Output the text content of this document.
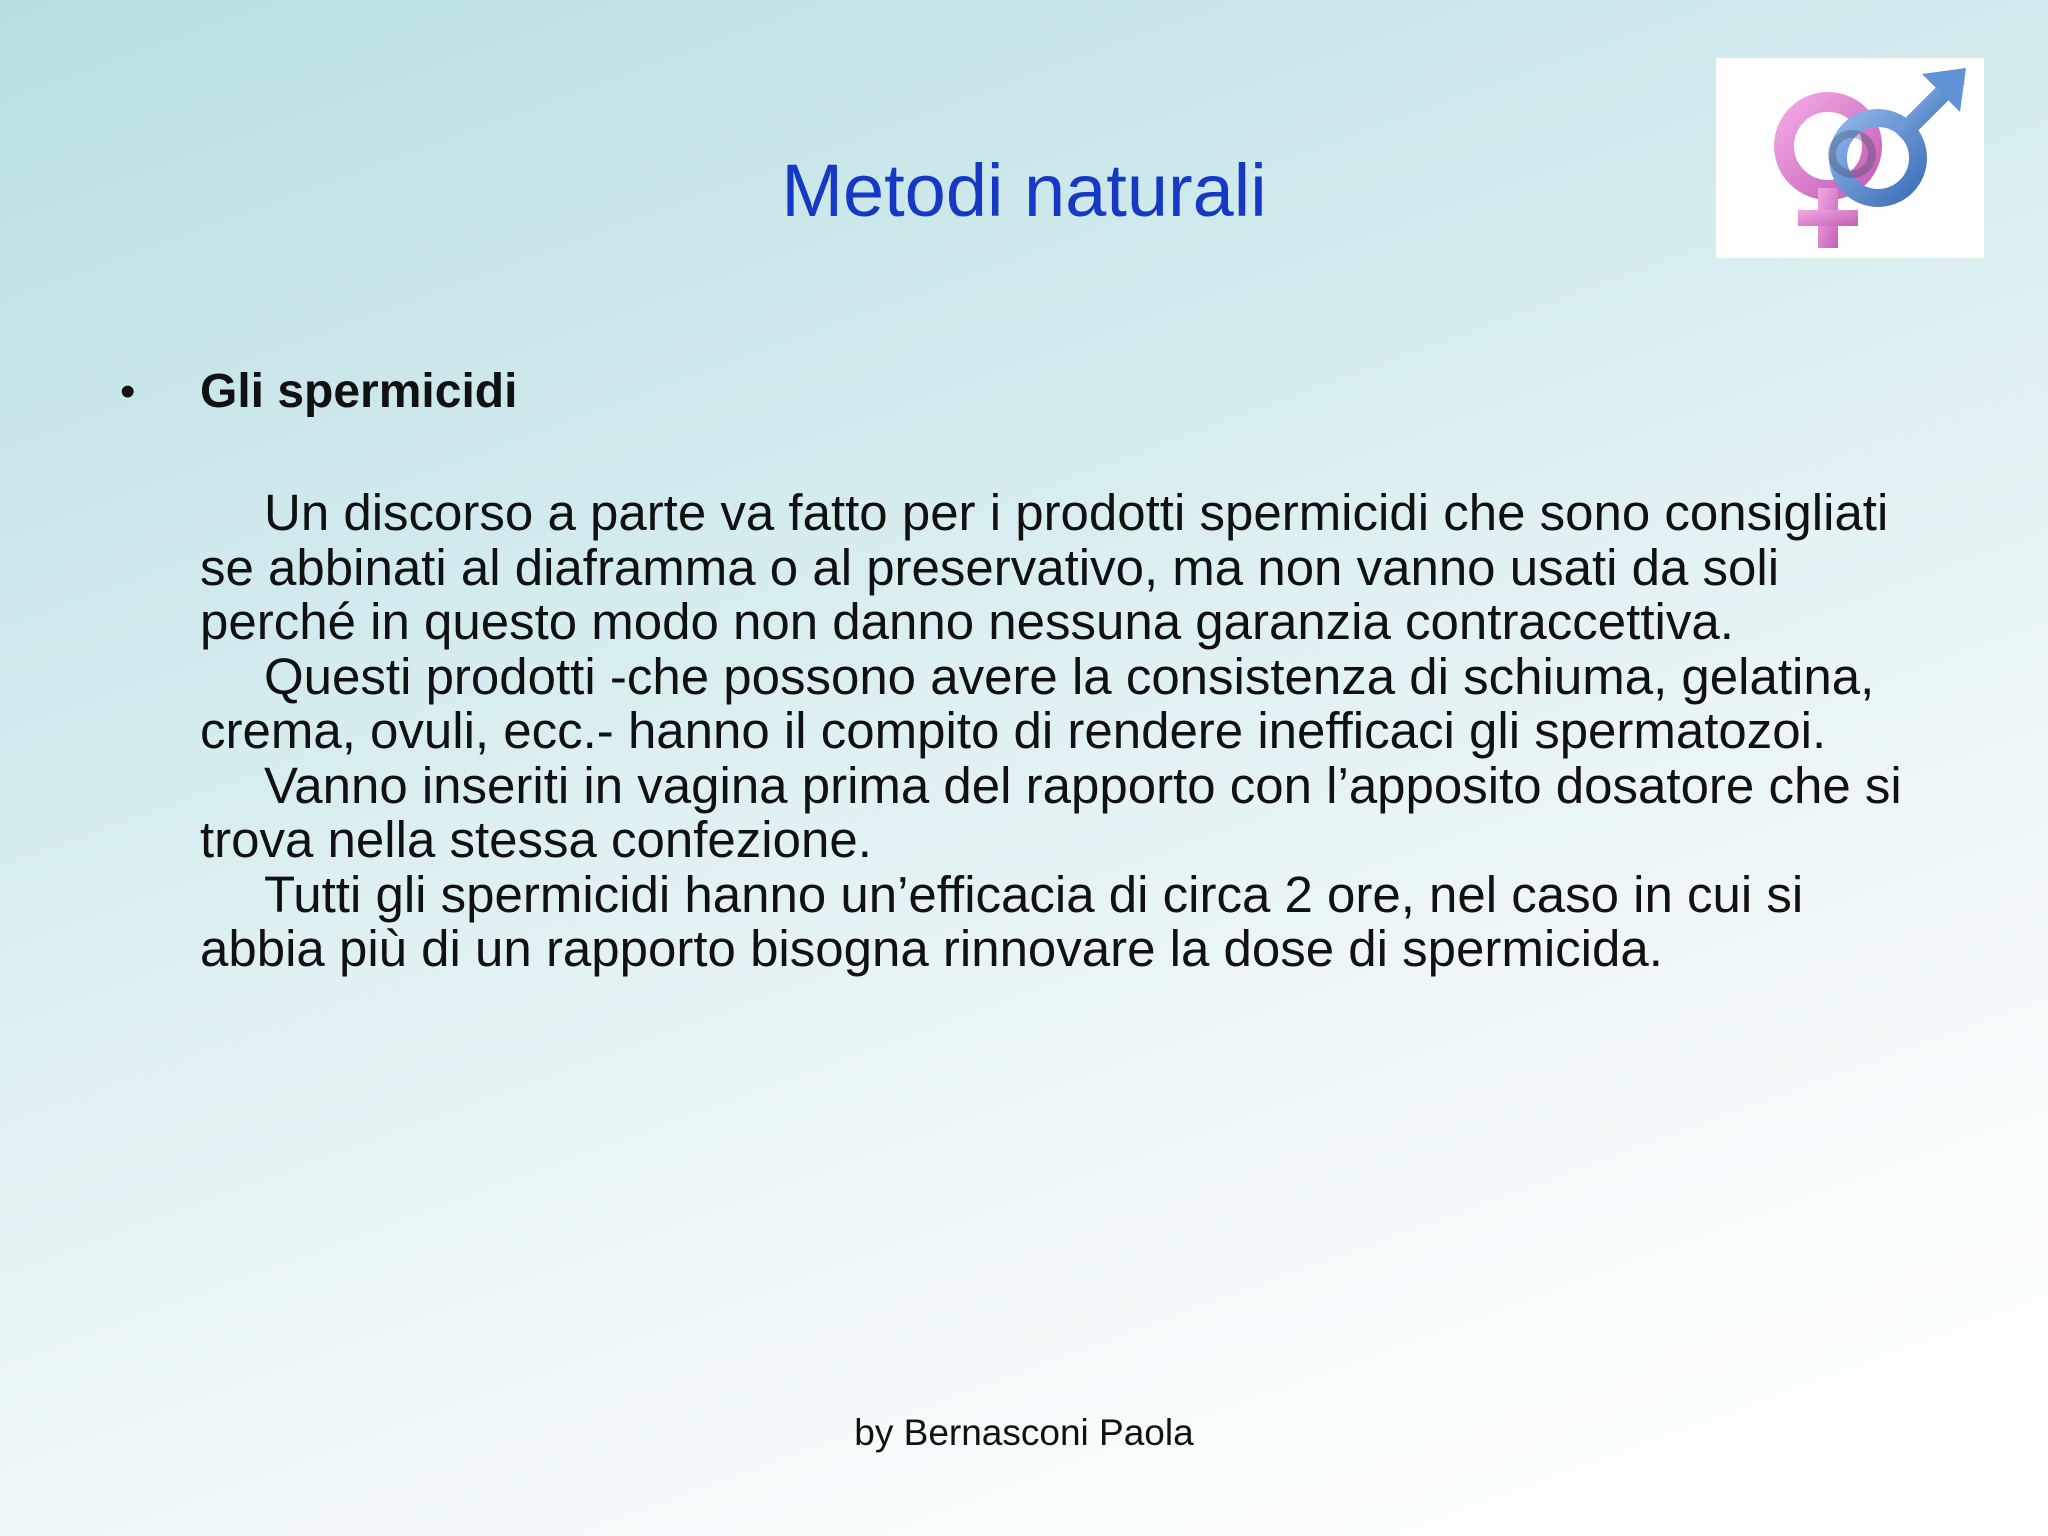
Metodi naturali
• Gli spermicidi

Un discorso a parte va fatto per i prodotti spermicidi che sono consigliati se abbinati al diaframma o al preservativo, ma non vanno usati da soli perché in questo modo non danno nessuna garanzia contraccettiva.

Questi prodotti -che possono avere la consistenza di schiuma, gelatina, crema, ovuli, ecc.- hanno il compito di rendere inefficaci gli spermatozoi.

Vanno inseriti in vagina prima del rapporto con l’apposito dosatore che si trova nella stessa confezione.

Tutti gli spermicidi hanno un’efficacia di circa 2 ore, nel caso in cui si abbia più di un rapporto bisogna rinnovare la dose di spermicida.

by Bernasconi Paola
